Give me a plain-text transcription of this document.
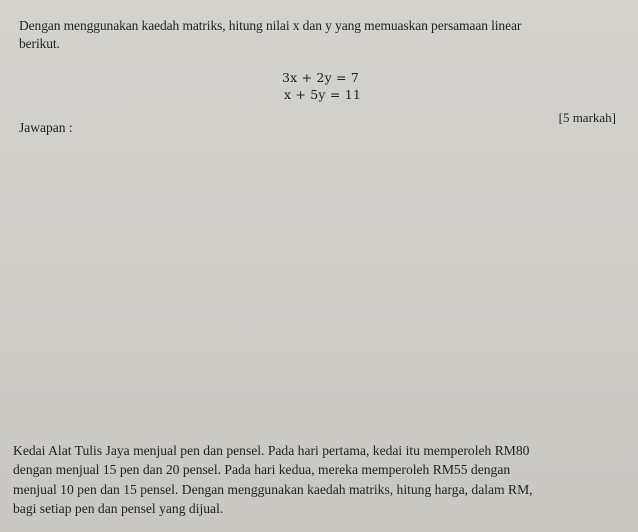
Dengan menggunakan kaedah matriks, hitung nilai x dan y yang memuaskan persamaan linear
berikut.
3x + 2y = 7
x + 5y = 11
[5 markah]
Jawapan :
Kedai Alat Tulis Jaya menjual pen dan pensel. Pada hari pertama, kedai itu memperoleh RM80
dengan menjual 15 pen dan 20 pensel. Pada hari kedua, mereka memperoleh RM55 dengan
menjual 10 pen dan 15 pensel. Dengan menggunakan kaedah matriks, hitung harga, dalam RM,
bagi setiap pen dan pensel yang dijual.
